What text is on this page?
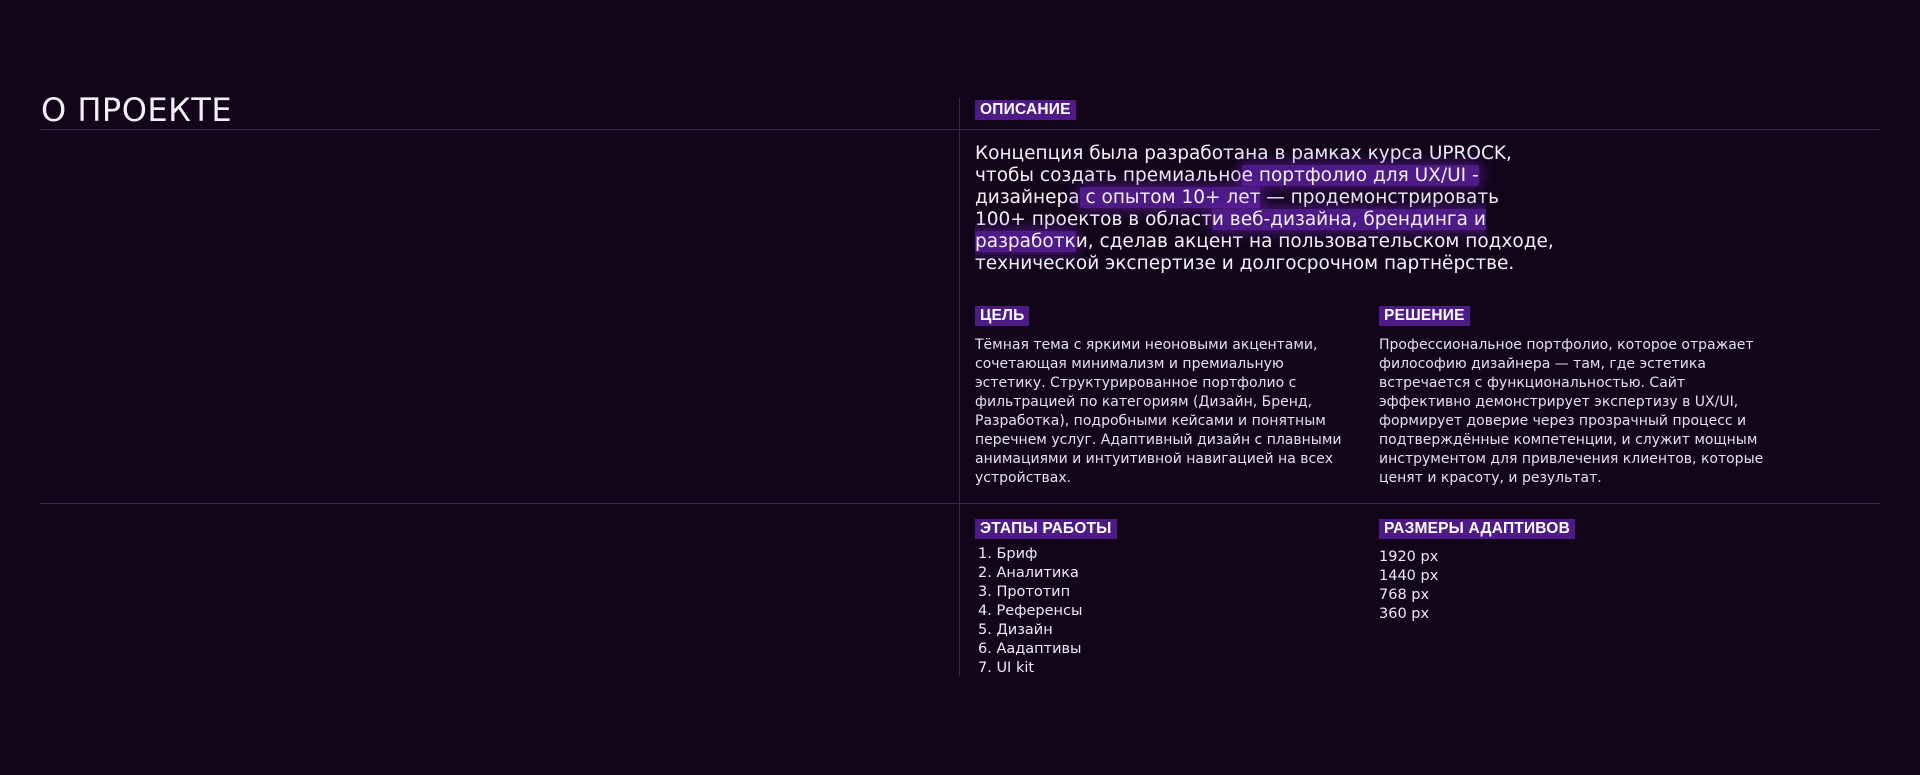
О ПРОЕКТЕ	ОПИСАНИЕ

Концепция была разработана в рамках курса UPROCK, чтобы создать премиальное портфолио для UX/UI - дизайнера с опытом 10+ лет — продемонстрировать 100+ проектов в области веб-дизайна, брендинга и разработки, сделав акцент на пользовательском подходе, технической экспертизе и долгосрочном партнёрстве.

ЦЕЛЬ

Тёмная тема с яркими неоновыми акцентами, сочетающая минимализм и премиальную эстетику. Структурированное портфолио с фильтрацией по категориям (Дизайн, Бренд, Разработка), подробными кейсами и понятным перечнем услуг. Адаптивный дизайн с плавными анимациями и интуитивной навигацией на всех устройствах.

РЕШЕНИЕ

Профессиональное портфолио, которое отражает философию дизайнера — там, где эстетика встречается с функциональностью. Сайт эффективно демонстрирует экспертизу в UX/UI, формирует доверие через прозрачный процесс и подтверждённые компетенции, и служит мощным инструментом для привлечения клиентов, которые ценят и красоту, и результат.

ЭТАПЫ РАБОТЫ
1. Бриф
2. Аналитика
3. Прототип
4. Референсы
5. Дизайн
6. Аадаптивы
7. UI kit
РАЗМЕРЫ АДАПТИВОВ
1920 px
1440 px
768 px
360 px
